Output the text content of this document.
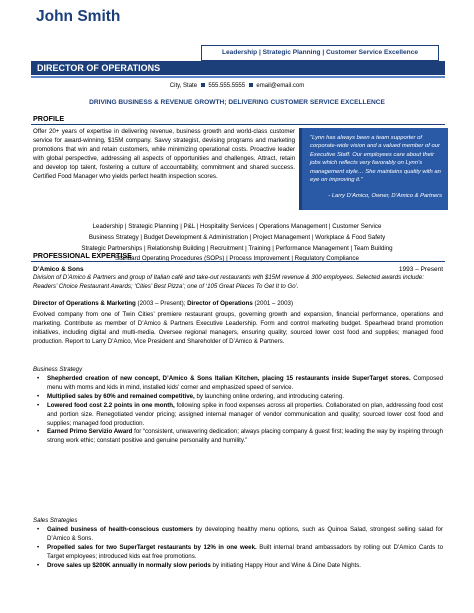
John Smith
Leadership | Strategic Planning | Customer Service Excellence
DIRECTOR OF OPERATIONS
City, State 555.555.5555 email@email.com
DRIVING BUSINESS & REVENUE GROWTH; DELIVERING CUSTOMER SERVICE EXCELLENCE
PROFILE
Offer 20+ years of expertise in delivering revenue, business growth and world-class customer service for award-winning, $15M company. Savvy strategist, devising programs and marketing promotions that win and retain customers, while minimizing operational costs. Proactive leader with global perspective, addressing all aspects of opportunities and challenges. Attract, retain and develop top talent, fostering a culture of accountability, commitment and shared success. Certified Food Manager who yields perfect health inspection scores.
“Lynn has always been a team supporter of corporate-wide vision and a valued member of our Executive Staff. Our employees care about their jobs which reflects very favorably on Lynn’s management style… She maintains quality with an eye on improving it.”
- Larry D’Amico, Owner, D’Amico & Partners
Leadership | Strategic Planning | P&L | Hospitality Services | Operations Management | Customer Service
Business Strategy | Budget Development & Administration | Project Management | Workplace & Food Safety
Strategic Partnerships | Relationship Building | Recruitment | Training | Performance Management | Team Building
Standard Operating Procedures (SOPs) | Process Improvement | Regulatory Compliance
PROFESSIONAL EXPERTISE
D’Amico & Sons	1993 – Present
Division of D’Amico & Partners and group of Italian café and take-out restaurants with $15M revenue & 300 employees. Selected awards include: Readers’ Choice Restaurant Awards; ‘Cities’ Best Pizza’; one of ‘105 Great Places To Get It to Go’.
Director of Operations & Marketing (2003 – Present); Director of Operations (2001 – 2003)
Evolved company from one of Twin Cities’ premiere restaurant groups, governing growth and expansion, financial performance, operations and marketing. Contribute as member of D’Amico & Partners Executive Leadership. Form and control marketing budget. Spearhead brand promotion initiatives, including digital and multi-media. Oversee regional managers, ensuring quality; sourced lower cost food and supplies; managed food production. Report to Larry D’Amico, Vice President and Shareholder of D’Amico & Partners.
Business Strategy
• Shepherded creation of new concept, D’Amico & Sons Italian Kitchen, placing 15 restaurants inside SuperTarget stores. Composed menu with moms and kids in mind, installed kids’ corner and emphasized speed of service.
• Multiplied sales by 60% and remained competitive, by launching online ordering, and introducing catering.
• Lowered food cost 2.2 points in one month, following spike in food expenses across all properties. Collaborated on plan, addressing food cost and portion size. Renegotiated vendor pricing; assigned internal manager of vendor communication and quality; sourced lower cost food and supplies; managed food production.
• Earned Primo Servizio Award for “consistent, unwavering dedication; always placing company & guest first; leading the way by inspiring through strong work ethic; constant positive and genuine personality and humility.”
Sales Strategies
• Gained business of health-conscious customers by developing healthy menu options, such as Quinoa Salad, strongest selling salad for D’Amico & Sons.
• Propelled sales for two SuperTarget restaurants by 12% in one week. Built internal brand ambassadors by rolling out D’Amico Cards to Target employees; introduced kids eat free promotions.
• Drove sales up $200K annually in normally slow periods by initiating Happy Hour and Wine & Dine Date Nights.
